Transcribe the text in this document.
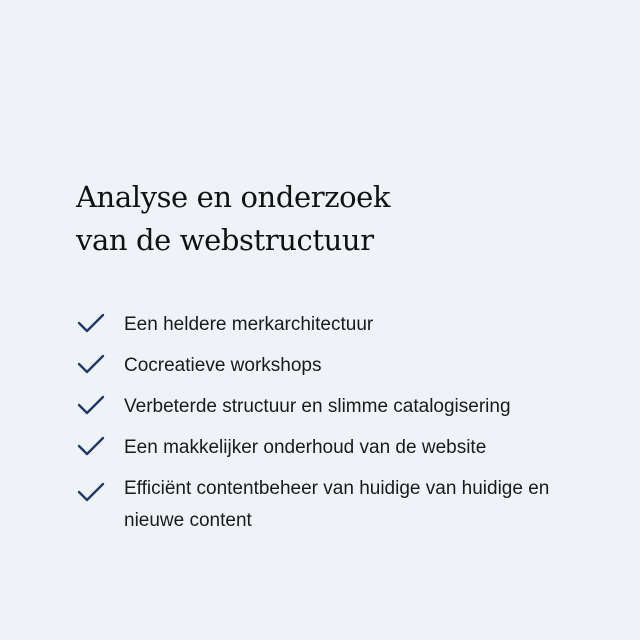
Analyse en onderzoek
van de webstructuur
Een heldere merkarchitectuur
Cocreatieve workshops
Verbeterde structuur en slimme catalogisering
Een makkelijker onderhoud van de website
Efficiënt contentbeheer van huidige van huidige en nieuwe content
